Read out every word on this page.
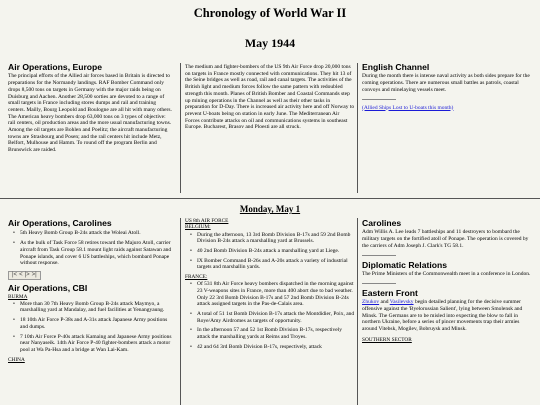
Chronology of World War II
May 1944
Air Operations, Europe

The principal efforts of the Allied air forces based in Britain is directed to preparations for the Normandy landings. RAF Bomber Command only drops 8,500 tons on targets in Germany with the major raids being on Duisburg and Aachen. Another 28,500 sorties are devoted to a range of small targets in France including stores dumps and rail and training centers. Mailly, Bourg Leopold and Boulogne are all hit with many others. The American heavy bombers drop 63,000 tons on 3 types of objective: rail centers, oil production areas and the more usual manufacturing towns. Among the oil targets are Bohlen and Poelitz; the aircraft manufacturing towns are Strasbourg and Posen; and the rail centers hit include Metz, Belfort, Mulhouse and Hamm. To round off the program Berlin and Brunswick are raided.

The medium and fighter-bombers of the US 9th Air Force drop 20,000 tons on targets in France mostly connected with communications. They hit 13 of the Seine bridges as well as road, rail and canal targets. The activities of the British light and medium forces follow the same pattern with redoubled strength this month. Planes of British Bomber and Coastal Commands step up mining operations in the Channel as well as their other tasks in preparation for D-Day. There is increased air activity here and off Norway to prevent U-boats being on station in early June. The Mediterranean Air Forces contribute attacks on oil and communications systems in southeast Europe. Bucharest, Brasov and Ploesti are all struck.

English Channel

During the month there is intense naval activity as both sides prepare for the coming operations. There are numerous small battles as patrols, coastal convoys and minelaying vessels meet.

(Allied Ships Lost to U-boats this month)

Monday, May 1
Air Operations, Carolines
• 5th Heavy Bomb Group B-24s attack the Woleai Atoll.
• As the bulk of Task Force 58 retires toward the Majuro Atoll, carrier aircraft from Task Group 58.1 mount light raids against Satawan and Ponape islands, and cover 6 US battleships, which bombard Ponape without response.
|< < |> >|
Air Operations, CBI
BURMA
• More than 30 7th Heavy Bomb Group B-24s attack Maymyo, a marshalling yard at Mandalay, and fuel facilities at Yenangyaung.
• 18 10th Air Force P-38s and A-31s attack Japanese Army positions and dumps.
• 7 10th Air Force P-40s attack Kamaing and Japanese Army positions near Nanyaseik. 14th Air Force P-40 fighter-bombers attack a motor pool at Wa Pa-Hsa and a bridge at Wan Lai-Kam.
CHINA
US 8th AIR FORCE
BELGIUM:
• During the afternoon, 13 3rd Bomb Division B-17s and 59 2nd Bomb Division B-24s attack a marshalling yard at Brussels.
• 40 2nd Bomb Division B-24s attack a marshalling yard at Liege.
• IX Bomber Command B-26s and A-20s attack a variety of industrial targets and marshallin yards.
FRANCE:
• Of 531 8th Air Force heavy bombers dispatched in the morning against 23 V-weapons sites in France, more than 400 abort due to bad weather. Only 22 3rd Bomb Division B-17s and 57 2nd Bomb Division B-24s attack assigned targets in the Pas-de-Calais area.
• A total of 51 1st Bomb Division B-17s attack the Montdidier, Poix, and Roye/Amy Airdromes as targets of opportunity.
• In the afternoon 57 and 52 1st Bomb Division B-17s, respectively attack the marshalling yards at Reims and Troyes.
• 42 and 64 3rd Bomb Division B-17s, respectively, attack
Carolines

Adm Willis A. Lee leads 7 battleships and 11 destroyers to bombard the military targets on the fortified atoll of Ponape. The operation is covered by the carriers of Adm Joseph J. Clark's TG 58.1.

Diplomatic Relations

The Prime Ministers of the Commonwealth meet in a conference in London.

Eastern Front

Zhukov and Vasilevsky begin detailed planning for the decisive summer offensive against the 'Byelorussian Salient', lying between Smolensk and Minsk. The Germans are to be misled into expecting the blow to fall in northern Ukraine, before a series of pincer movements trap their armies around Vitebsk, Mogilev, Bobruysk and Minsk.

SOUTHERN SECTOR
